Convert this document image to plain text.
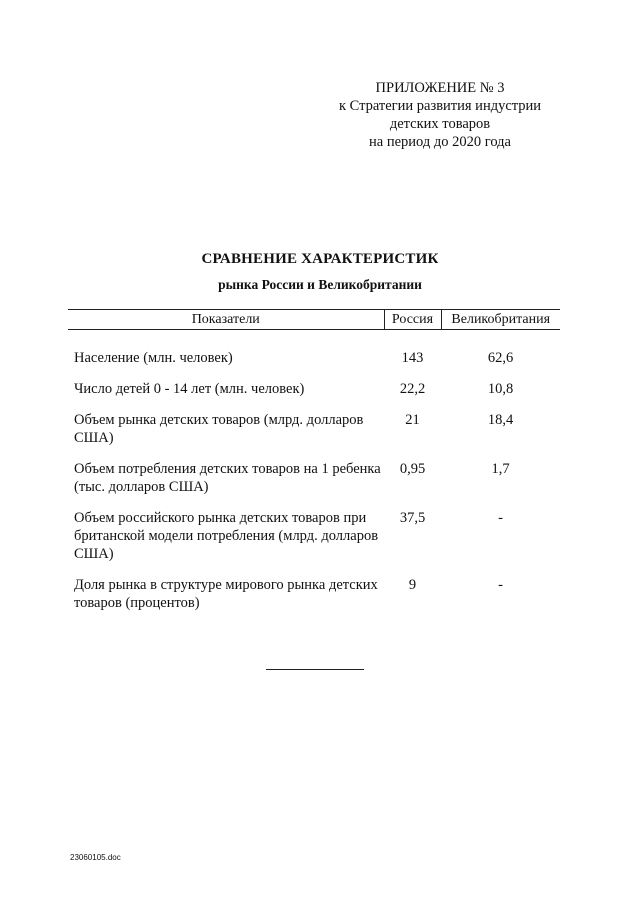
ПРИЛОЖЕНИЕ № 3
к Стратегии развития индустрии
детских товаров
на период до 2020 года
СРАВНЕНИЕ ХАРАКТЕРИСТИК
рынка России и Великобритании
Показатели	Россия	Великобритания
Население (млн. человек)	143	62,6
Число детей 0 - 14 лет (млн. человек)	22,2	10,8
Объем рынка детских товаров (млрд. долларов США)	21	18,4
Объем потребления детских товаров на 1 ребенка (тыс. долларов США)	0,95	1,7
Объем российского рынка детских товаров при британской модели потребления (млрд. долларов США)	37,5	-
Доля рынка в структуре мирового рынка детских товаров (процентов)	9	-
23060105.doc
